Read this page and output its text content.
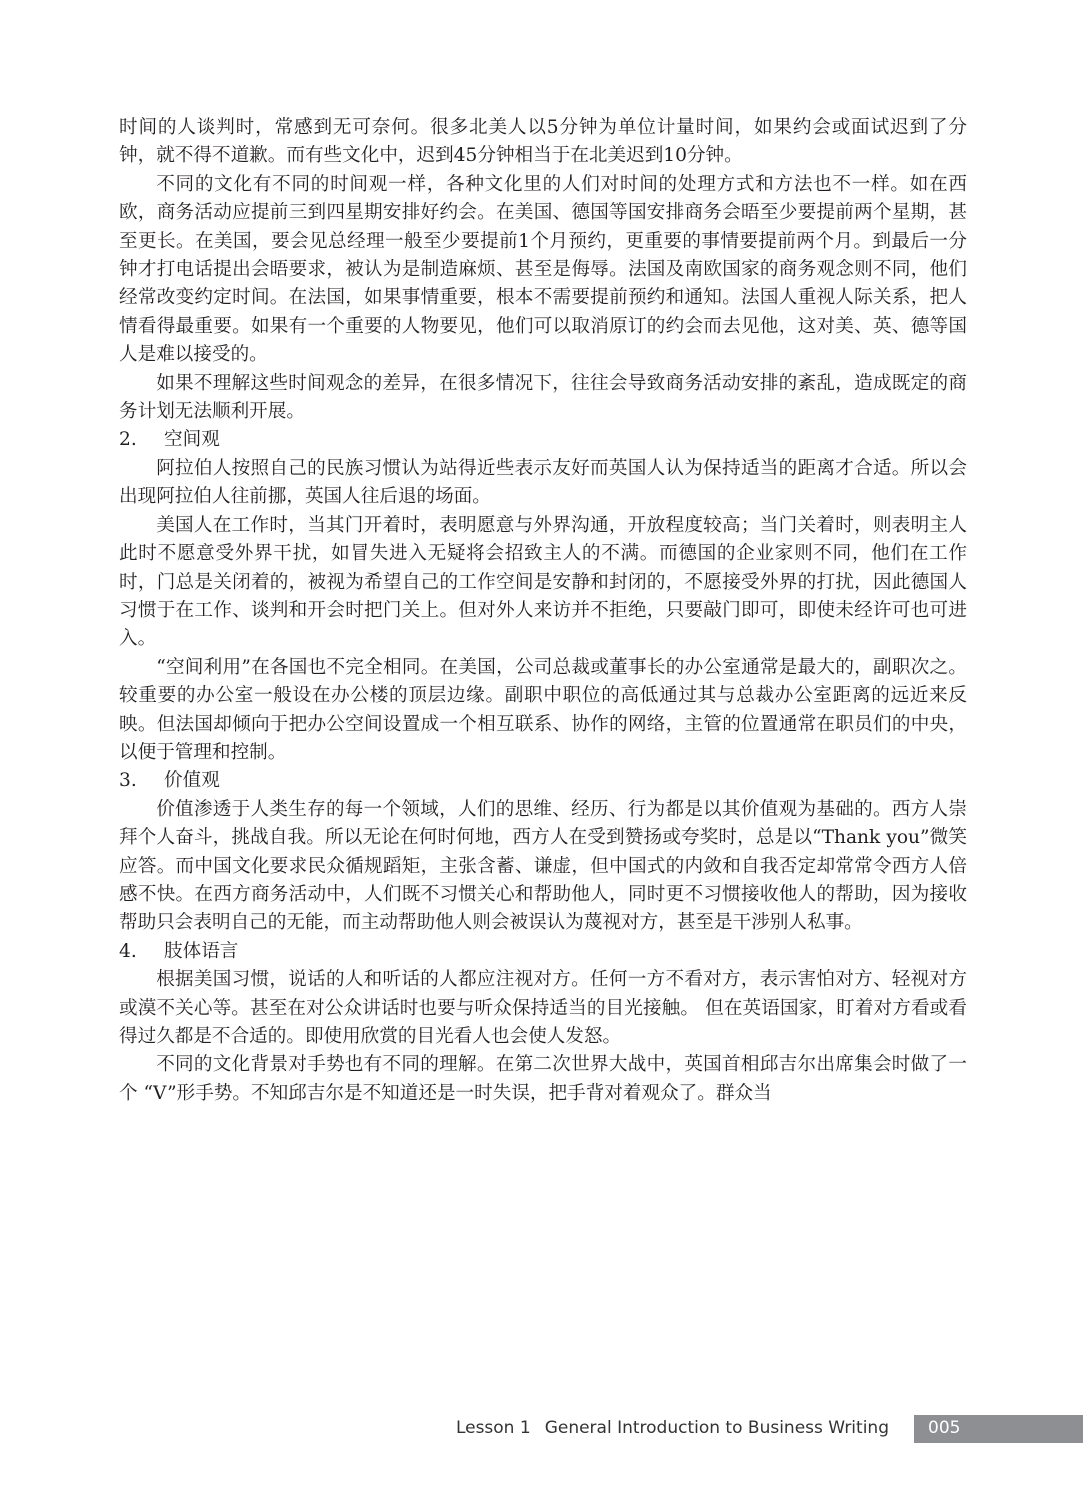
时间的人谈判时，常感到无可奈何。很多北美人以5分钟为单位计量时间，如果约会或面试迟到了分钟，就不得不道歉。而有些文化中，迟到45分钟相当于在北美迟到10分钟。

不同的文化有不同的时间观一样，各种文化里的人们对时间的处理方式和方法也不一样。如在西欧，商务活动应提前三到四星期安排好约会。在美国、德国等国安排商务会晤至少要提前两个星期，甚至更长。在美国，要会见总经理一般至少要提前1个月预约，更重要的事情要提前两个月。到最后一分钟才打电话提出会晤要求，被认为是制造麻烦、甚至是侮辱。法国及南欧国家的商务观念则不同，他们经常改变约定时间。在法国，如果事情重要，根本不需要提前预约和通知。法国人重视人际关系，把人情看得最重要。如果有一个重要的人物要见，他们可以取消原订的约会而去见他，这对美、英、德等国人是难以接受的。

如果不理解这些时间观念的差异，在很多情况下，往往会导致商务活动安排的紊乱，造成既定的商务计划无法顺利开展。

2. 空间观

阿拉伯人按照自己的民族习惯认为站得近些表示友好而英国人认为保持适当的距离才合适。所以会出现阿拉伯人往前挪，英国人往后退的场面。

美国人在工作时，当其门开着时，表明愿意与外界沟通，开放程度较高；当门关着时，则表明主人此时不愿意受外界干扰，如冒失进入无疑将会招致主人的不满。而德国的企业家则不同，他们在工作时，门总是关闭着的，被视为希望自己的工作空间是安静和封闭的，不愿接受外界的打扰，因此德国人习惯于在工作、谈判和开会时把门关上。但对外人来访并不拒绝，只要敲门即可，即使未经许可也可进入。

“空间利用”在各国也不完全相同。在美国，公司总裁或董事长的办公室通常是最大的，副职次之。较重要的办公室一般设在办公楼的顶层边缘。副职中职位的高低通过其与总裁办公室距离的远近来反映。但法国却倾向于把办公空间设置成一个相互联系、协作的网络，主管的位置通常在职员们的中央，以便于管理和控制。

3. 价值观

价值渗透于人类生存的每一个领域，人们的思维、经历、行为都是以其价值观为基础的。西方人崇拜个人奋斗，挑战自我。所以无论在何时何地，西方人在受到赞扬或夸奖时，总是以“Thank you”微笑应答。而中国文化要求民众循规蹈矩，主张含蓄、谦虚，但中国式的内敛和自我否定却常常令西方人倍感不快。在西方商务活动中，人们既不习惯关心和帮助他人，同时更不习惯接收他人的帮助，因为接收帮助只会表明自己的无能，而主动帮助他人则会被误认为蔑视对方，甚至是干涉别人私事。

4. 肢体语言

根据美国习惯，说话的人和听话的人都应注视对方。任何一方不看对方，表示害怕对方、轻视对方或漠不关心等。甚至在对公众讲话时也要与听众保持适当的目光接触。 但在英语国家，盯着对方看或看得过久都是不合适的。即使用欣赏的目光看人也会使人发怒。

不同的文化背景对手势也有不同的理解。在第二次世界大战中，英国首相邱吉尔出席集会时做了一个 “V”形手势。不知邱吉尔是不知道还是一时失误，把手背对着观众了。群众当

Lesson 1 General Introduction to Business Writing 005
